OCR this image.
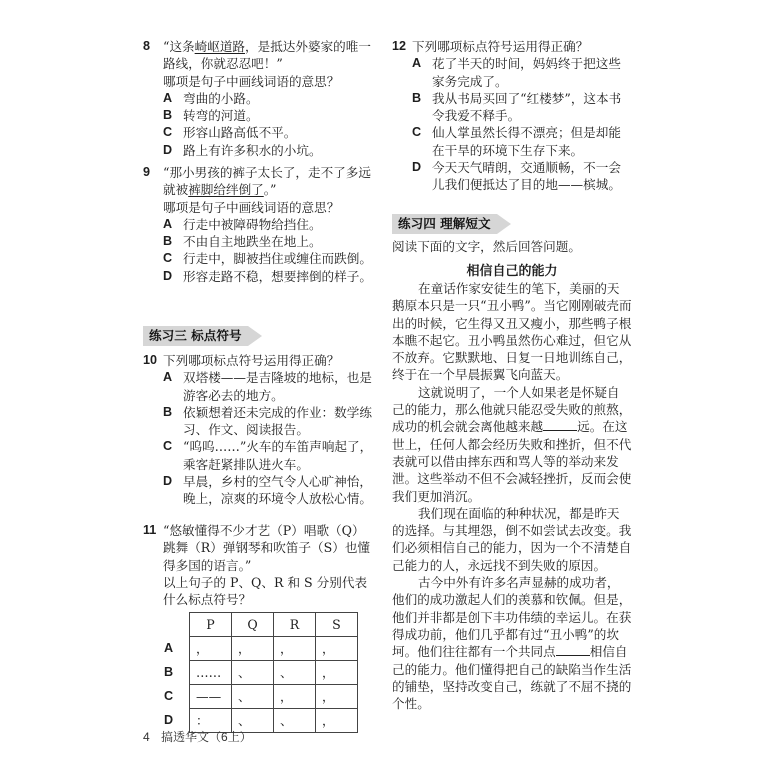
8 “这条崎岖道路，是抵达外婆家的唯一路线，你就忍忍吧！”
哪项是句子中画线词语的意思？
A 弯曲的小路。
B 转弯的河道。
C 形容山路高低不平。
D 路上有许多积水的小坑。
9 “那小男孩的裤子太长了，走不了多远就被裤脚给绊倒了。”
哪项是句子中画线词语的意思？
A 行走中被障碍物给挡住。
B 不由自主地跌坐在地上。
C 行走中，脚被挡住或缠住而跌倒。
D 形容走路不稳，想要摔倒的样子。
练习三 标点符号
10 下列哪项标点符号运用得正确？
A 双塔楼——是吉隆坡的地标，也是游客必去的地方。
B 依颖想着还未完成的作业：数学练习、作文、阅读报告。
C “呜呜……”火车的车笛声响起了，乘客赶紧排队进火车。
D 早晨，乡村的空气令人心旷神怡，晚上，凉爽的环境令人放松心情。
11 “悠敏懂得不少才艺（P）唱歌（Q）跳舞（R）弹钢琴和吹笛子（S）也懂得多国的语言。”
以上句子的 P、Q、R 和 S 分别代表什么标点符号？
	P	Q	R	S
A	，	，	，	，
B	……	、	、	，
C	——	、	，	，
D	：	、	、	，
12 下列哪项标点符号运用得正确？
A 花了半天的时间，妈妈终于把这些家务完成了。
B 我从书局买回了“红楼梦”，这本书令我爱不释手。
C 仙人掌虽然长得不漂亮；但是却能在干旱的环境下生存下来。
D 今天天气晴朗，交通顺畅，不一会儿我们便抵达了目的地——槟城。
练习四 理解短文
阅读下面的文字，然后回答问题。
相信自己的能力

在童话作家安徒生的笔下，美丽的天鹅原本只是一只“丑小鸭”。当它刚刚破壳而出的时候，它生得又丑又瘦小，那些鸭子根本瞧不起它。丑小鸭虽然伤心难过，但它从不放弃。它默默地、日复一日地训练自己，终于在一个早晨振翼飞向蓝天。

这就说明了，一个人如果老是怀疑自己的能力，那么他就只能忍受失败的煎熬，成功的机会就会离他越来越	远。在这世上，任何人都会经历失败和挫折，但不代表就可以借由摔东西和骂人等的举动来发泄。这些举动不但不会减轻挫折，反而会使我们更加消沉。

我们现在面临的种种状况，都是昨天的选择。与其埋怨，倒不如尝试去改变。我们必须相信自己的能力，因为一个不清楚自己能力的人，永远找不到失败的原因。

古今中外有许多名声显赫的成功者，他们的成功激起人们的羡慕和钦佩。但是，他们并非都是创下丰功伟绩的幸运儿。在获得成功前，他们几乎都有过“丑小鸭”的坎坷。他们往往都有一个共同点	相信自己的能力。他们懂得把自己的缺陷当作生活的铺垫，坚持改变自己，练就了不屈不挠的个性。

4 搞透华文（6上）
